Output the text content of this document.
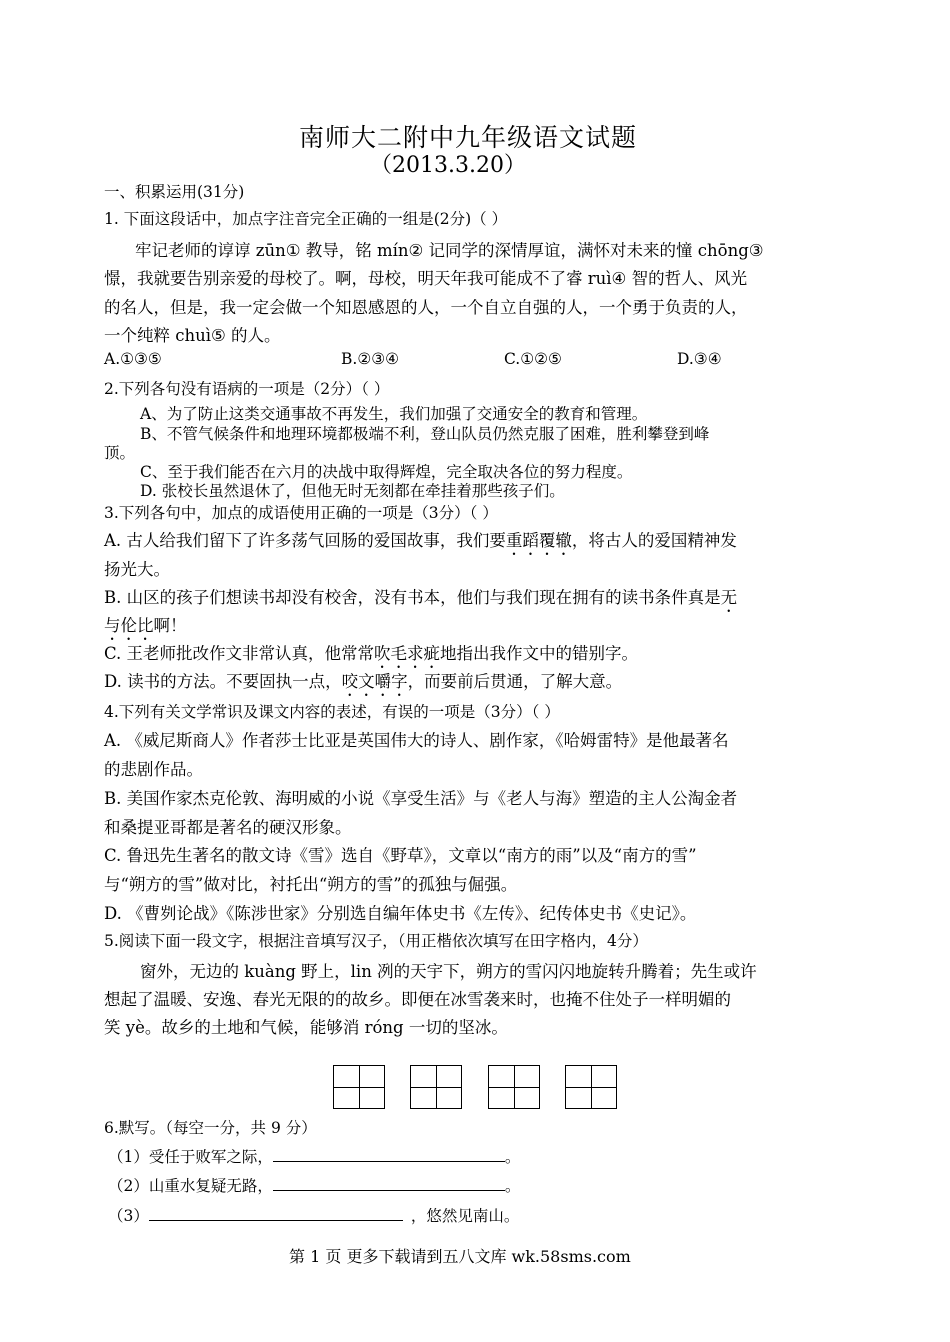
南师大二附中九年级语文试题
（2013.3.20）
一、积累运用(31分)
1. 下面这段话中，加点字注音完全正确的一组是(2分)（ ）
牢记老师的谆谆 zūn① 教导，铭 mín② 记同学的深情厚谊，满怀对未来的憧 chōng③
憬，我就要告别亲爱的母校了。啊，母校，明天年我可能成不了睿 ruì④ 智的哲人、风光
的名人，但是，我一定会做一个知恩感恩的人，一个自立自强的人，一个勇于负责的人，
一个纯粹 chuì⑤ 的人。
A.①③⑤	B.②③④	C.①②⑤	D.③④
2.下列各句没有语病的一项是（2分）（ ）
A、为了防止这类交通事故不再发生，我们加强了交通安全的教育和管理。
B、不管气候条件和地理环境都极端不利，登山队员仍然克服了困难，胜利攀登到峰
顶。
C、至于我们能否在六月的决战中取得辉煌，完全取决各位的努力程度。
D. 张校长虽然退休了，但他无时无刻都在牵挂着那些孩子们。
3.下列各句中，加点的成语使用正确的一项是（3分）（ ）
A. 古人给我们留下了许多荡气回肠的爱国故事，我们要重蹈覆辙，将古人的爱国精神发
扬光大。
B. 山区的孩子们想读书却没有校舍，没有书本，他们与我们现在拥有的读书条件真是无
与伦比啊！
C. 王老师批改作文非常认真，他常常吹毛求疵地指出我作文中的错别字。
D. 读书的方法。不要固执一点，咬文嚼字，而要前后贯通，了解大意。
4.下列有关文学常识及课文内容的表述，有误的一项是（3分）（ ）
A. 《威尼斯商人》作者莎士比亚是英国伟大的诗人、剧作家，《哈姆雷特》是他最著名
的悲剧作品。
B. 美国作家杰克伦敦、海明威的小说《享受生活》与《老人与海》塑造的主人公淘金者
和桑提亚哥都是著名的硬汉形象。
C. 鲁迅先生著名的散文诗《雪》选自《野草》，文章以“南方的雨”以及“南方的雪”
与“朔方的雪”做对比，衬托出“朔方的雪”的孤独与倔强。
D. 《曹刿论战》《陈涉世家》分别选自编年体史书《左传》、纪传体史书《史记》。
5.阅读下面一段文字，根据注音填写汉子，（用正楷依次填写在田字格内，4分）
窗外，无边的 kuàng 野上，lin 冽的天宇下，朔方的雪闪闪地旋转升腾着；先生或许
想起了温暖、安逸、春光无限的的故乡。即便在冰雪袭来时，也掩不住处子一样明媚的
笑 yè。故乡的土地和气候，能够消 róng 一切的坚冰。
6.默写。（每空一分，共 9 分）
（1）受任于败军之际，	。
（2）山重水复疑无路，	。
（3）	，悠然见南山。
第 1 页 更多下载请到五八文库 wk.58sms.com
